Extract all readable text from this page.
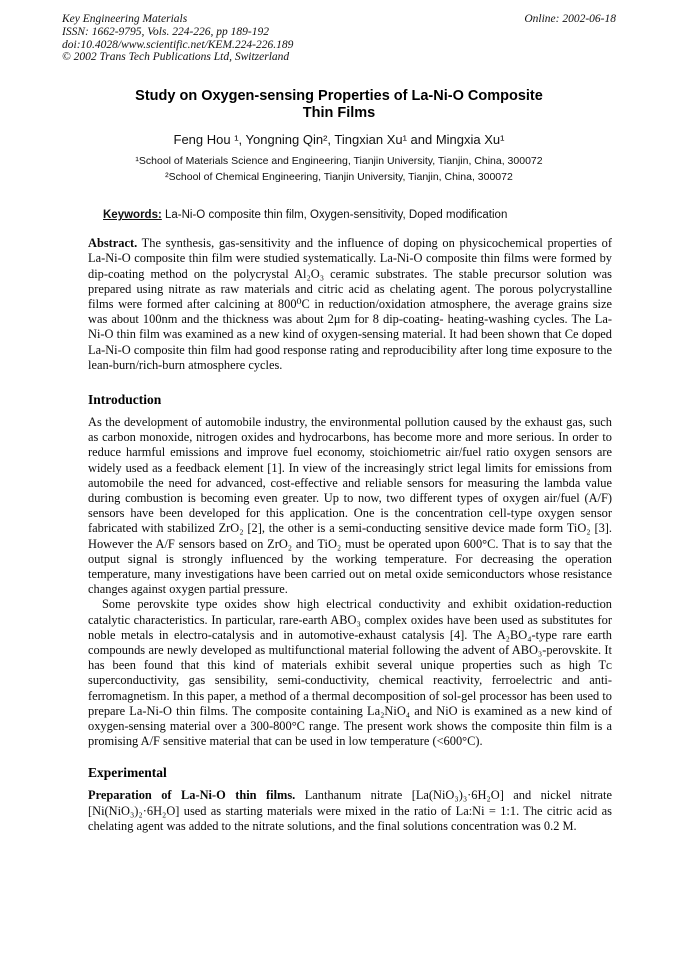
Key Engineering Materials
ISSN: 1662-9795, Vols. 224-226, pp 189-192
doi:10.4028/www.scientific.net/KEM.224-226.189
© 2002 Trans Tech Publications Ltd, Switzerland
Online: 2002-06-18
Study on Oxygen-sensing Properties of La-Ni-O Composite
Thin Films
Feng Hou ¹, Yongning Qin², Tingxian Xu¹ and Mingxia Xu¹
¹School of Materials Science and Engineering, Tianjin University, Tianjin, China, 300072
²School of Chemical Engineering, Tianjin University, Tianjin, China, 300072
Keywords: La-Ni-O composite thin film, Oxygen-sensitivity, Doped modification

Abstract. The synthesis, gas-sensitivity and the influence of doping on physicochemical properties of La-Ni-O composite thin film were studied systematically. La-Ni-O composite thin films were formed by dip-coating method on the polycrystal Al₂O₃ ceramic substrates. The stable precursor solution was prepared using nitrate as raw materials and citric acid as chelating agent. The porous polycrystalline films were formed after calcining at 800⁰C in reduction/oxidation atmosphere, the average grains size was about 100nm and the thickness was about 2μm for 8 dip-coating- heating-washing cycles. The La-Ni-O thin film was examined as a new kind of oxygen-sensing material. It had been shown that Ce doped La-Ni-O composite thin film had good response rating and reproducibility after long time exposure to the lean-burn/rich-burn atmosphere cycles.

Introduction

As the development of automobile industry, the environmental pollution caused by the exhaust gas, such as carbon monoxide, nitrogen oxides and hydrocarbons, has become more and more serious. In order to reduce harmful emissions and improve fuel economy, stoichiometric air/fuel ratio oxygen sensors are widely used as a feedback element [1]. In view of the increasingly strict legal limits for emissions from automobile the need for advanced, cost-effective and reliable sensors for measuring the lambda value during combustion is becoming even greater. Up to now, two different types of oxygen air/fuel (A/F) sensors have been developed for this application. One is the concentration cell-type oxygen sensor fabricated with stabilized ZrO₂ [2], the other is a semi-conducting sensitive device made form TiO₂ [3]. However the A/F sensors based on ZrO₂ and TiO₂ must be operated upon 600°C. That is to say that the output signal is strongly influenced by the working temperature. For decreasing the operation temperature, many investigations have been carried out on metal oxide semiconductors whose resistance changes against oxygen partial pressure.

Some perovskite type oxides show high electrical conductivity and exhibit oxidation-reduction catalytic characteristics. In particular, rare-earth ABO₃ complex oxides have been used as substitutes for noble metals in electro-catalysis and in automotive-exhaust catalysis [4]. The A₂BO₄-type rare earth compounds are newly developed as multifunctional material following the advent of ABO₃-perovskite. It has been found that this kind of materials exhibit several unique properties such as high Tᴄ superconductivity, gas sensibility, semi-conductivity, chemical reactivity, ferroelectric and anti-ferromagnetism. In this paper, a method of a thermal decomposition of sol-gel processor has been used to prepare La-Ni-O thin films. The composite containing La₂NiO₄ and NiO is examined as a new kind of oxygen-sensing material over a 300-800°C range. The present work shows the composite thin film is a promising A/F sensitive material that can be used in low temperature (<600°C).

Experimental

Preparation of La-Ni-O thin films. Lanthanum nitrate [La(NiO₃)₃·6H₂O] and nickel nitrate [Ni(NiO₃)₂·6H₂O] used as starting materials were mixed in the ratio of La:Ni = 1:1. The citric acid as chelating agent was added to the nitrate solutions, and the final solutions concentration was 0.2 M.
